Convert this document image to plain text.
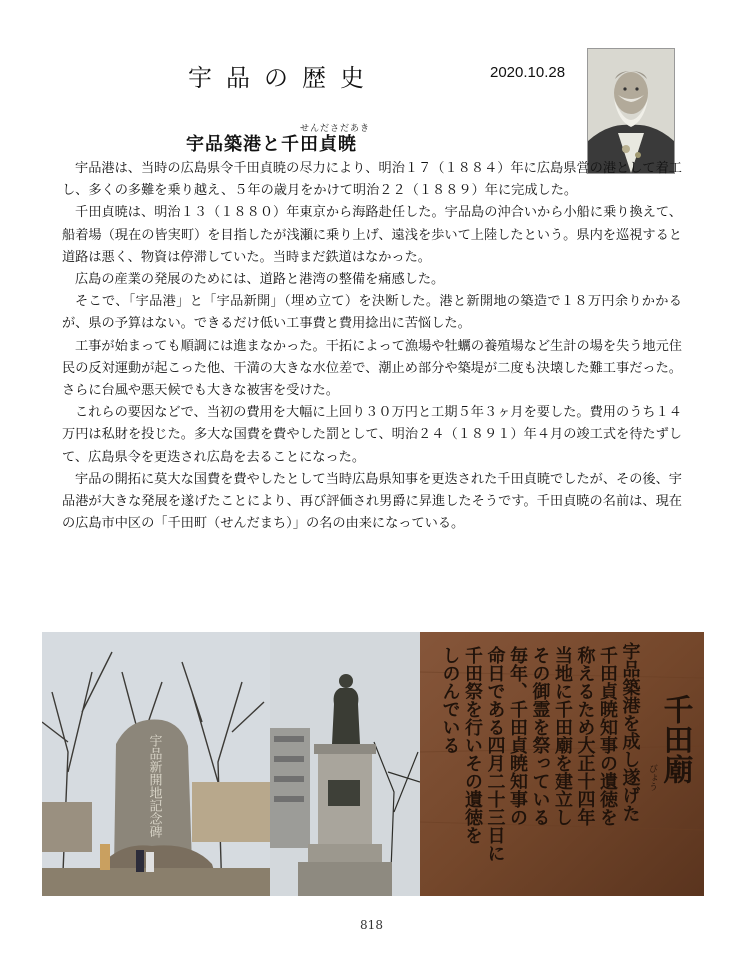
宇品の歴史	2020.10.28
せんださだあき
宇品築港と千田貞暁

宇品港は、当時の広島県令千田貞暁の尽力により、明治１７（１８８４）年に広島県営の港として着工し、多くの多難を乗り越え、５年の歳月をかけて明治２２（１８８９）年に完成した。

千田貞暁は、明治１３（１８８０）年東京から海路赴任した。宇品島の沖合いから小船に乗り換えて、船着場（現在の皆実町）を目指したが浅瀬に乗り上げ、遠浅を歩いて上陸したという。県内を巡視すると道路は悪く、物資は停滞していた。当時まだ鉄道はなかった。

広島の産業の発展のためには、道路と港湾の整備を痛感した。

そこで、「宇品港」と「宇品新開」（埋め立て）を決断した。港と新開地の築造で１８万円余りかかるが、県の予算はない。できるだけ低い工事費と費用捻出に苦悩した。

工事が始まっても順調には進まなかった。干拓によって漁場や牡蠣の養殖場など生計の場を失う地元住民の反対運動が起こった他、干満の大きな水位差で、潮止め部分や築堤が二度も決壊した難工事だった。さらに台風や悪天候でも大きな被害を受けた。

これらの要因などで、当初の費用を大幅に上回り３０万円と工期５年３ヶ月を要した。費用のうち１４万円は私財を投じた。多大な国費を費やした罰として、明治２４（１８９１）年４月の竣工式を待たずして、広島県令を更迭され広島を去ることになった。

宇品の開拓に莫大な国費を費やしたとして当時広島県知事を更迭された千田貞暁でしたが、その後、宇品港が大きな発展を遂げたことにより、再び評価され男爵に昇進したそうです。千田貞暁の名前は、現在の広島市中区の「千田町（せんだまち）」の名の由来になっている。

宇品新開地記念碑	宇品築港を成し遂げた
千田貞暁知事の遺徳を
称えるため大正十四年
当地に千田廟を建立し
その御霊を祭っている
毎年、千田貞暁知事の
命日である四月二十三日に
千田祭を行いその遺徳を
しのんでいる	千田廟
びょう
818
